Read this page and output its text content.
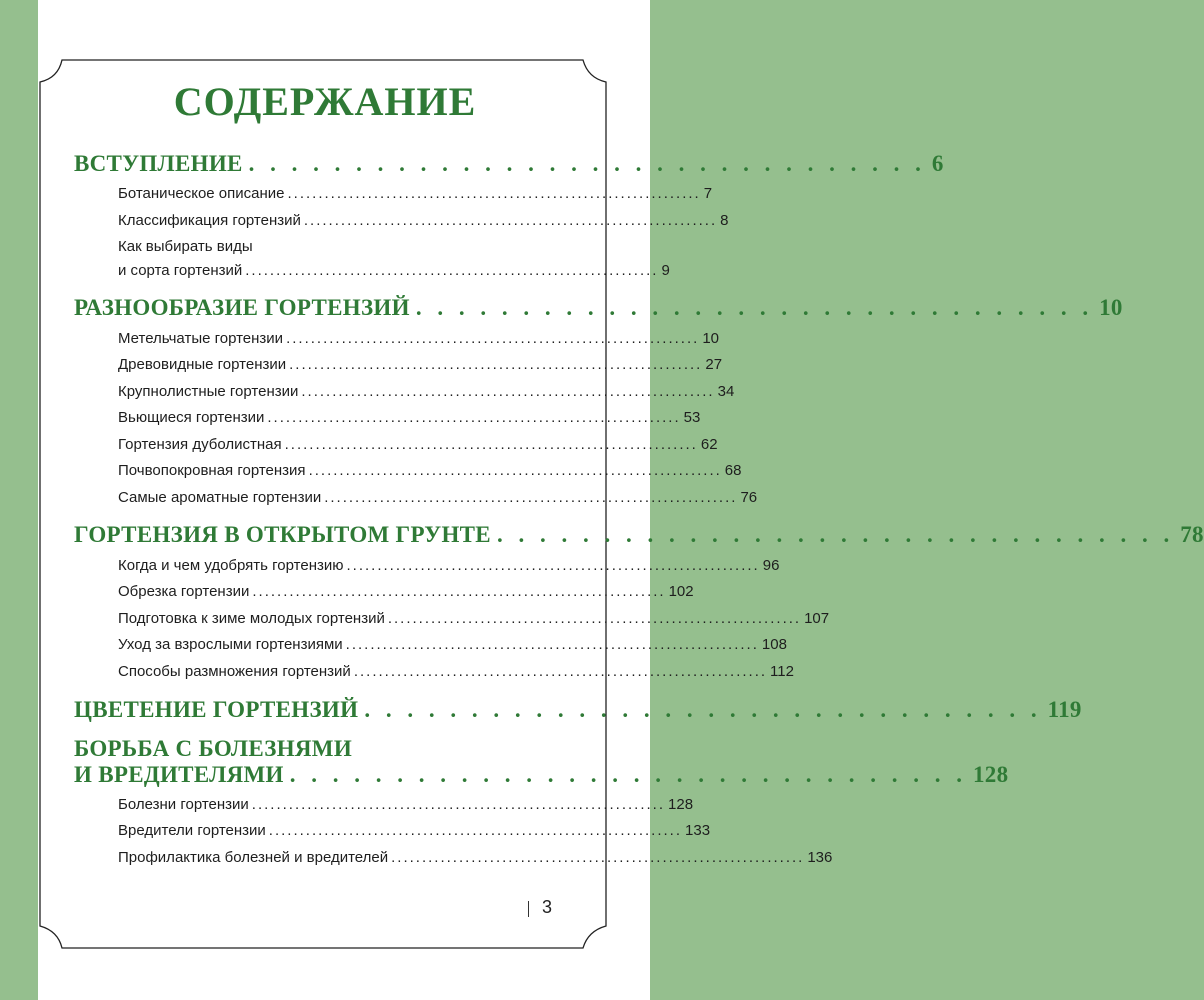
СОДЕРЖАНИЕ
ВСТУПЛЕНИЕ . . . . . . . . . . . . . . . . . . . . . . . . . . . . . . . . 6
Ботаническое описание ................................................................... 7
Классификация гортензий ................................................................... 8
Как выбирать виды
и сорта гортензий ................................................................... 9
РАЗНООБРАЗИЕ ГОРТЕНЗИЙ . . . . . . . . . . . . . . . . . . . . . . . . . . . . . . . . 10
Метельчатые гортензии ................................................................... 10
Древовидные гортензии ................................................................... 27
Крупнолистные гортензии ................................................................... 34
Вьющиеся гортензии ................................................................... 53
Гортензия дуболистная ................................................................... 62
Почвопокровная гортензия ................................................................... 68
Самые ароматные гортензии ................................................................... 76
ГОРТЕНЗИЯ В ОТКРЫТОМ ГРУНТЕ . . . . . . . . . . . . . . . . . . . . . . . . . . . . . . . . 78
Когда и чем удобрять гортензию ................................................................... 96
Обрезка гортензии ................................................................... 102
Подготовка к зиме молодых гортензий ................................................................... 107
Уход за взрослыми гортензиями ................................................................... 108
Способы размножения гортензий ................................................................... 112
ЦВЕТЕНИЕ ГОРТЕНЗИЙ . . . . . . . . . . . . . . . . . . . . . . . . . . . . . . . . 119
БОРЬБА С БОЛЕЗНЯМИ
И ВРЕДИТЕЛЯМИ . . . . . . . . . . . . . . . . . . . . . . . . . . . . . . . . 128
Болезни гортензии ................................................................... 128
Вредители гортензии ................................................................... 133
Профилактика болезней и вредителей ................................................................... 136
3
